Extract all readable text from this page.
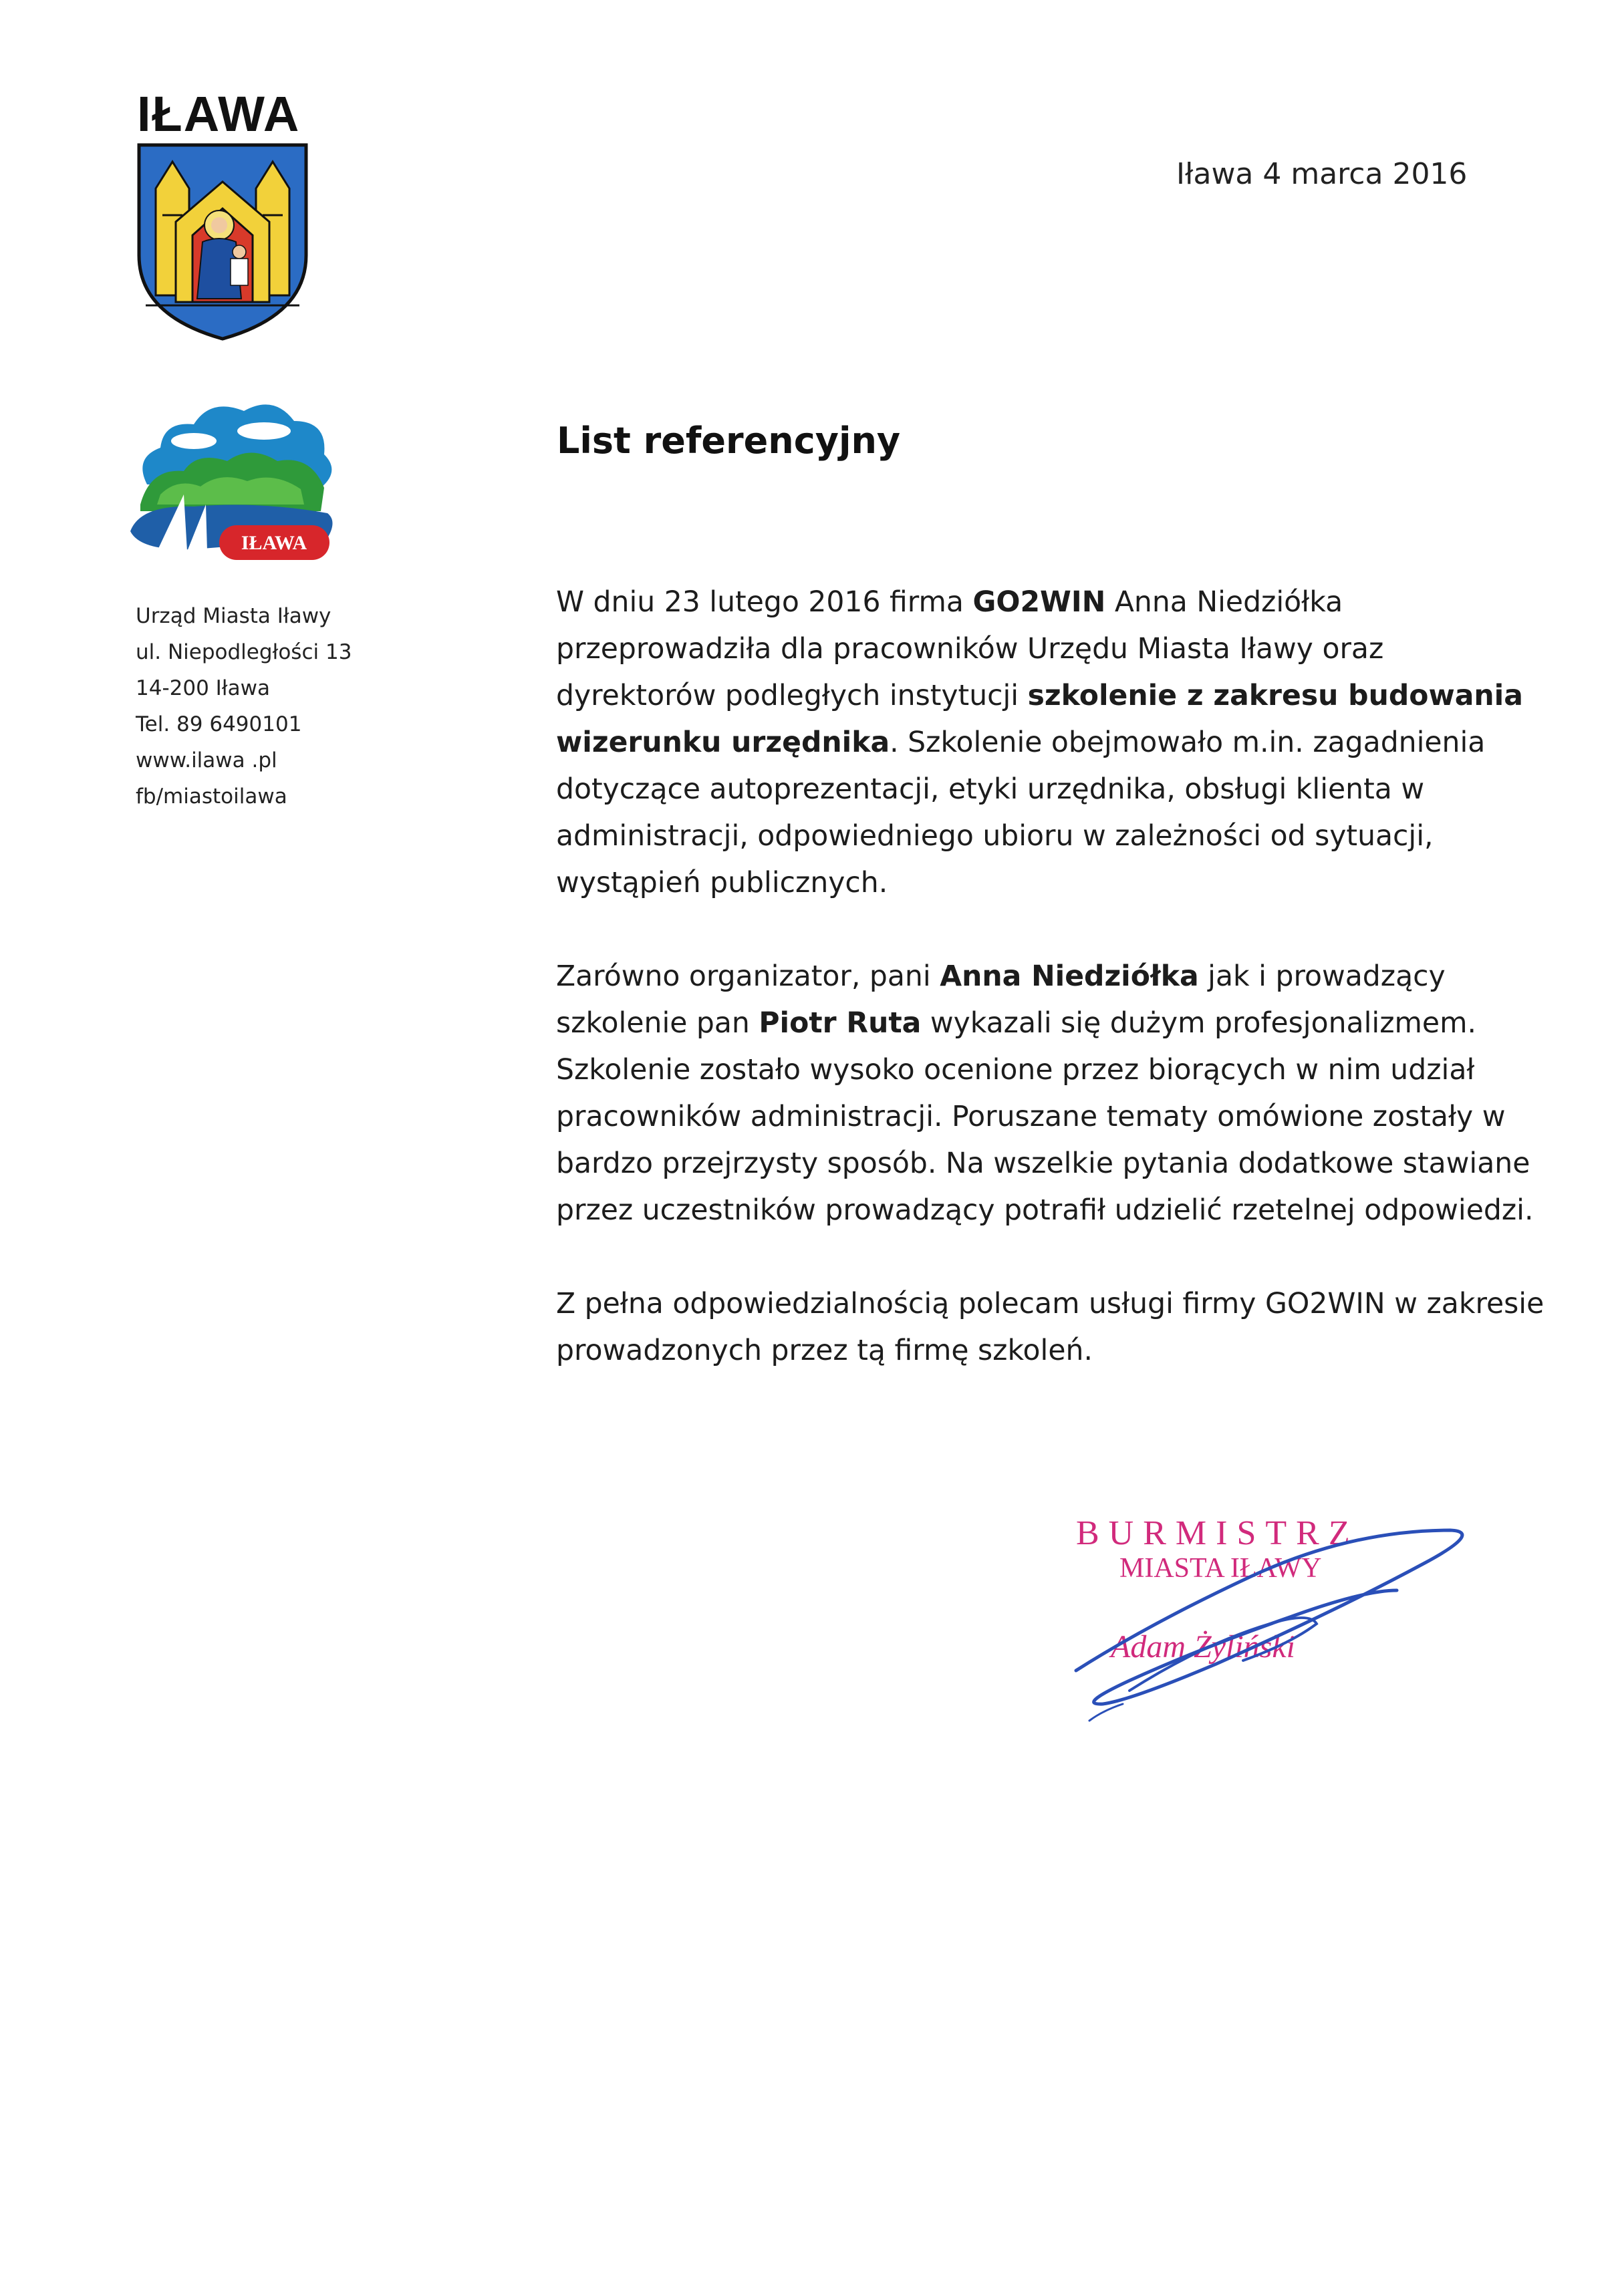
IŁAWA
Iława 4 marca 2016
IŁAWA
Urząd Miasta Iławy
ul. Niepodległości 13
14-200 Iława
Tel. 89 6490101
www.ilawa .pl
fb/miastoilawa
List referencyjny
W dniu 23 lutego 2016 firma GO2WIN Anna Niedziółka
przeprowadziła dla pracowników Urzędu Miasta Iławy oraz
dyrektorów podległych instytucji szkolenie z zakresu budowania
wizerunku urzędnika. Szkolenie obejmowało m.in. zagadnienia
dotyczące autoprezentacji, etyki urzędnika, obsługi klienta w
administracji, odpowiedniego ubioru w zależności od sytuacji,
wystąpień publicznych.
Zarówno organizator, pani Anna Niedziółka jak i prowadzący
szkolenie pan Piotr Ruta wykazali się dużym profesjonalizmem.
Szkolenie zostało wysoko ocenione przez biorących w nim udział
pracowników administracji. Poruszane tematy omówione zostały w
bardzo przejrzysty sposób. Na wszelkie pytania dodatkowe stawiane
przez uczestników prowadzący potrafił udzielić rzetelnej odpowiedzi.
Z pełna odpowiedzialnością polecam usługi firmy GO2WIN w zakresie
prowadzonych przez tą firmę szkoleń.
BURMISTRZ
MIASTA IŁAWY
Adam Żyliński
